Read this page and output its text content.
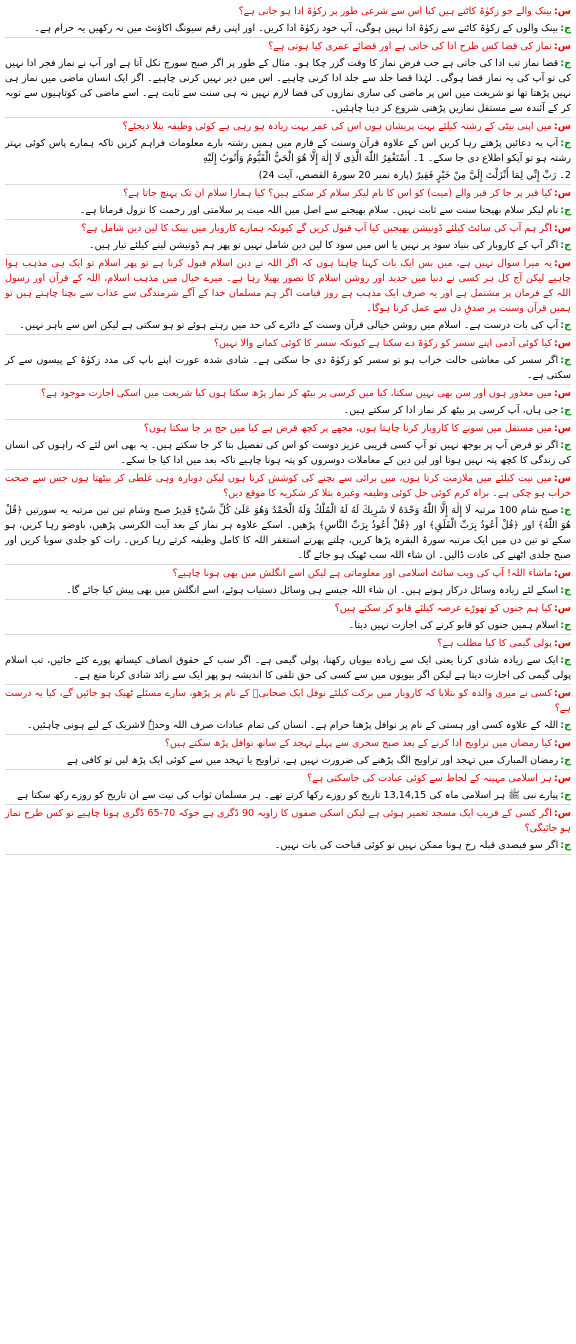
س:بینک والے جو زکوٰۃ کاٹتے ہیں کیا اس سے شرعی طور پر زکوٰۃ ادا ہو جاتی ہے؟

ج:بینک والوں کے زکوٰۃ کاٹنے سے زکوٰۃ ادا نہیں ہوگی، آپ خود زکوٰۃ ادا کریں۔ اور اپنی رقم سیونگ اکاؤنٹ میں نہ رکھیں یہ حرام ہے۔

س:نماز کی قضا کس طرح ادا کی جاتی ہے اور قضائے عمری کیا ہوتی ہے؟

ج:قضا نماز تب ادا کی جاتی ہے جب فرض نماز کا وقت گزر چکا ہو۔ مثال کے طور پر اگر صبح سورج نکل آتا ہے اور آپ نے نماز فجر ادا نہیں کی تو آپ کی یہ نماز قضا ہوگی۔ لہٰذا قضا جلد سے جلد ادا کرنی چاہیے۔ اس میں دیر نہیں کرنی چاہیے۔ اگر ایک انسان ماضی میں نماز ہی نہیں پڑھتا تھا تو شریعت میں اس پر ماضی کی ساری نمازوں کی قضا لازم نہیں نہ ہی سنت سے ثابت ہے۔ اسے ماضی کی کوتاہیوں سے توبہ کر کے آئندہ سے مستقل نمازیں پڑھنی شروع کر دینا چاہئیں۔

س:میں اپنی بیٹی کے رشتہ کیلئے بہت پریشان ہوں اس کی عمر بہت زیادہ ہو رہی ہے کوئی وظیفہ بتلا دیجئے؟

ج:آپ یہ دعائیں پڑھتے رہا کریں اس کے علاوہ قرآن وسنت کے فارم میں ہمیں رشتہ بارے معلومات فراہم کریں تاکہ ہمارے پاس کوئی بہتر رشتہ ہو تو آپکو اطلاع دی جا سکے۔ 1۔ أَسْتَغْفِرُ اللّٰهَ الَّذِي لَا إِلٰهَ إِلَّا هُوَ الْحَيُّ الْقَيُّومُ وَأَتُوبُ إِلَيْهِ

2۔ رَبِّ إِنِّي لِمَا أَنْزَلْتَ إِلَيَّ مِنْ خَيْرٍ فَقِيرٌ (پارہ نمبر 20 سورۃ القصص، آیت 24)

س:کیا قبر پر جا کر قبر والے (میت) کو اس کا نام لیکر سلام کر سکتے ہیں؟ کیا ہمارا سلام ان تک پہنچ جاتا ہے؟

ج:نام لیکر سلام بھیجنا سنت سے ثابت نہیں۔ سلام بھیجنے سے اصل میں اللہ میت پر سلامتی اور رحمت کا نزول فرماتا ہے۔

س:اگر ہم آپ کی سائٹ کیلئے ڈونیشن بھیجیں کیا آپ قبول کریں گے کیونکہ ہمارے کاروبار میں بینک کا لین دین شامل ہے؟

ج:اگر آپ کے کاروبار کی بنیاد سود پر نہیں یا اس میں سود کا لین دین شامل نہیں تو پھر ہم ڈونیشن لینے کیلئے تیار ہیں۔

س:یہ میرا سوال نہیں ہے، میں بس ایک بات کہنا چاہتا ہوں کہ اگر اللہ نے دین اسلام قبول کرنا ہے تو پھر اسلام تو ایک ہی مذہب ہوا چاہیے لیکن آج کل ہر کسی نے دنیا میں جدید اور روشن اسلام کا تصور پھیلا رہا ہے۔ میرے خیال میں مذہب اسلام، اللہ کے قرآن اور رسول اللہ کے فرمان پر مشتمل ہے اور یہ صرف ایک مذہب ہے روز قیامت اگر ہم مسلمان خدا کے آگے شرمندگی سے عذاب سے بچنا چاہتے ہیں تو ہمیں قرآن وسنت پر صدقِ دل سے عمل کرنا ہوگا۔

ج:آپ کی بات درست ہے۔ اسلام میں روشن خیالی قرآن وسنت کے دائرے کی حد میں رہتے ہوئے تو ہو سکتی ہے لیکن اس سے باہر نہیں۔

س:کیا کوئی آدمی اپنے سسر کو زکوٰۃ دے سکتا ہے کیونکہ سسر کا کوئی کمانے والا نہیں؟

ج:اگر سسر کی معاشی حالت خراب ہو تو سسر کو زکوٰۃ دی جا سکتی ہے۔ شادی شدہ عورت اپنے باپ کی مدد زکوٰۃ کے پیسوں سے کر سکتی ہے۔

س:میں معذور ہوں اور سن بھی نہیں سکتا، کیا میں کرسی پر بیٹھ کر نماز پڑھ سکتا ہوں کیا شریعت میں اسکی اجازت موجود ہے؟

ج:جی ہاں، آپ کرسی پر بیٹھ کر نماز ادا کر سکتے ہیں۔

س:میں مستقل میں سونے کا کاروبار کرنا چاہتا ہوں، مجھے پر کچھ قرض ہے کیا میں حج پر جا سکتا ہوں؟

ج:اگر تو قرض آپ پر بوجھ نہیں تو آپ کسی قریبی عزیز دوست کو اس کی تفصیل بتا کر جا سکتے ہیں۔ یہ بھی اس لئے کہ راہوں کی انسان کی زندگی کا کچھ پتہ نہیں ہوتا اور لین دین کے معاملات دوسروں کو پتہ ہونا چاہیے تاکہ بعد میں ادا کیا جا سکے۔

س:میں نیت کیلئے میں ملازمت کرتا ہوں، میں برائی سے بچنے کی کوشش کرتا ہوں لیکن دوبارہ وہی غلطی کر بیٹھتا ہوں جس سے صحت خراب ہو چکی ہے۔ براہ کرم کوئی حل کوئی وظیفہ وغیرہ بتلا کر شکریہ کا موقع دیں؟

ج:صبح شام 100 مرتبہ لَا إِلٰهَ إِلَّا اللّٰهُ وَحْدَهُ لَا شَرِيكَ لَهُ لَهُ الْمُلْكُ وَلَهُ الْحَمْدُ وَهُوَ عَلَىٰ كُلِّ شَيْءٍ قَدِيرٌ صبح وشام تین تین مرتبہ یہ سورتیں ﴿قُلْ هُوَ اللّٰهُ﴾ اور ﴿قُلْ أَعُوذُ بِرَبِّ الْفَلَقِ﴾ اور ﴿قُلْ أَعُوذُ بِرَبِّ النَّاسِ﴾ پڑھیں۔ اسکے علاوہ ہر نماز کے بعد آیت الکرسی پڑھیں، باوضو رہا کریں، ہو سکے تو تین دن میں ایک مرتبہ سورۃ البقرہ پڑھا کریں، چلتے پھرتے استغفر اللہ کا کامل وظیفہ کرتے رہا کریں۔ رات کو جلدی سویا کریں اور صبح جلدی اٹھنے کی عادت ڈالیں۔ ان شاء اللہ سب ٹھیک ہو جائے گا۔

س:ماشاء اللہ! آپ کی ویب سائٹ اسلامی اور معلوماتی ہے لیکن اسے انگلش میں بھی ہونا چاہیے؟

ج:اسکے لئے زیادہ وسائل درکار ہوتے ہیں۔ ان شاء اللہ جیسے ہی وسائل دستیاب ہوئے، اسے انگلش میں بھی پیش کیا جائے گا۔

س:کیا ہم جنوں کو تھوڑے عرصہ کیلئے قابو کر سکتے ہیں؟

ج:اسلام ہمیں جنوں کو قابو کرنے کی اجازت نہیں دیتا۔

س:پولی گیمی کا کیا مطلب ہے؟

ج:ایک سے زیادہ شادی کرنا یعنی ایک سے زیادہ بیویاں رکھنا، پولی گیمی ہے۔ اگر سب کے حقوق انصاف کیساتھ پورے کئے جائیں، تب اسلام پولی گیمی کی اجازت دیتا ہے لیکن اگر بیویوں میں سے کسی کی حق تلفی کا اندیشہ ہو پھر ایک سے زائد شادی کرنا منع ہے۔

س:کسی نے میری والدہ کو بتلایا کہ کاروبار میں برکت کیلئے نوفل ایک صحابیؓ کے نام پر پڑھو، سارے مسئلے ٹھیک ہو جائیں گے، کیا یہ درست ہے؟

ج:اللہ کے علاوہ کسی اور ہستی کے نام پر نوافل پڑھنا حرام ہے۔ انسان کی تمام عبادات صرف اللہ وحدہٗ لاشریک کے لیے ہونی چاہئیں۔

س:کیا رمضان میں تراویح ادا کرنے کے بعد صبح سحری سے پہلے تہجد کے ساتھ نوافل پڑھ سکتے ہیں؟

ج:رمضان المبارک میں تہجد اور تراویح الگ پڑھنے کی ضرورت نہیں ہے، تراویح یا تہجد میں سے کوئی ایک پڑھ لیں تو کافی ہے

س:ہر اسلامی مہینہ کے لحاظ سے کوئی عبادت کی جاسکتی ہے؟

ج:پیارے نبی ﷺ ہر اسلامی ماہ کی 13,14,15 تاریخ کو روزے رکھا کرتے تھے۔ ہر مسلمان ثواب کی نیت سے ان تاریخ کو روزے رکھ سکتا ہے

س:اگر کسی کے قریب ایک مسجد تعمیر ہوئی ہے لیکن اسکی صفوں کا زاویہ 90 ڈگری ہے جوکہ 70-65 ڈگری ہونا چاہیے تو کس طرح نماز ہو جائیگی؟

ج:اگر سو فیصدی قبلہ رخ ہونا ممکن نہیں تو کوئی قباحت کی بات نہیں۔
